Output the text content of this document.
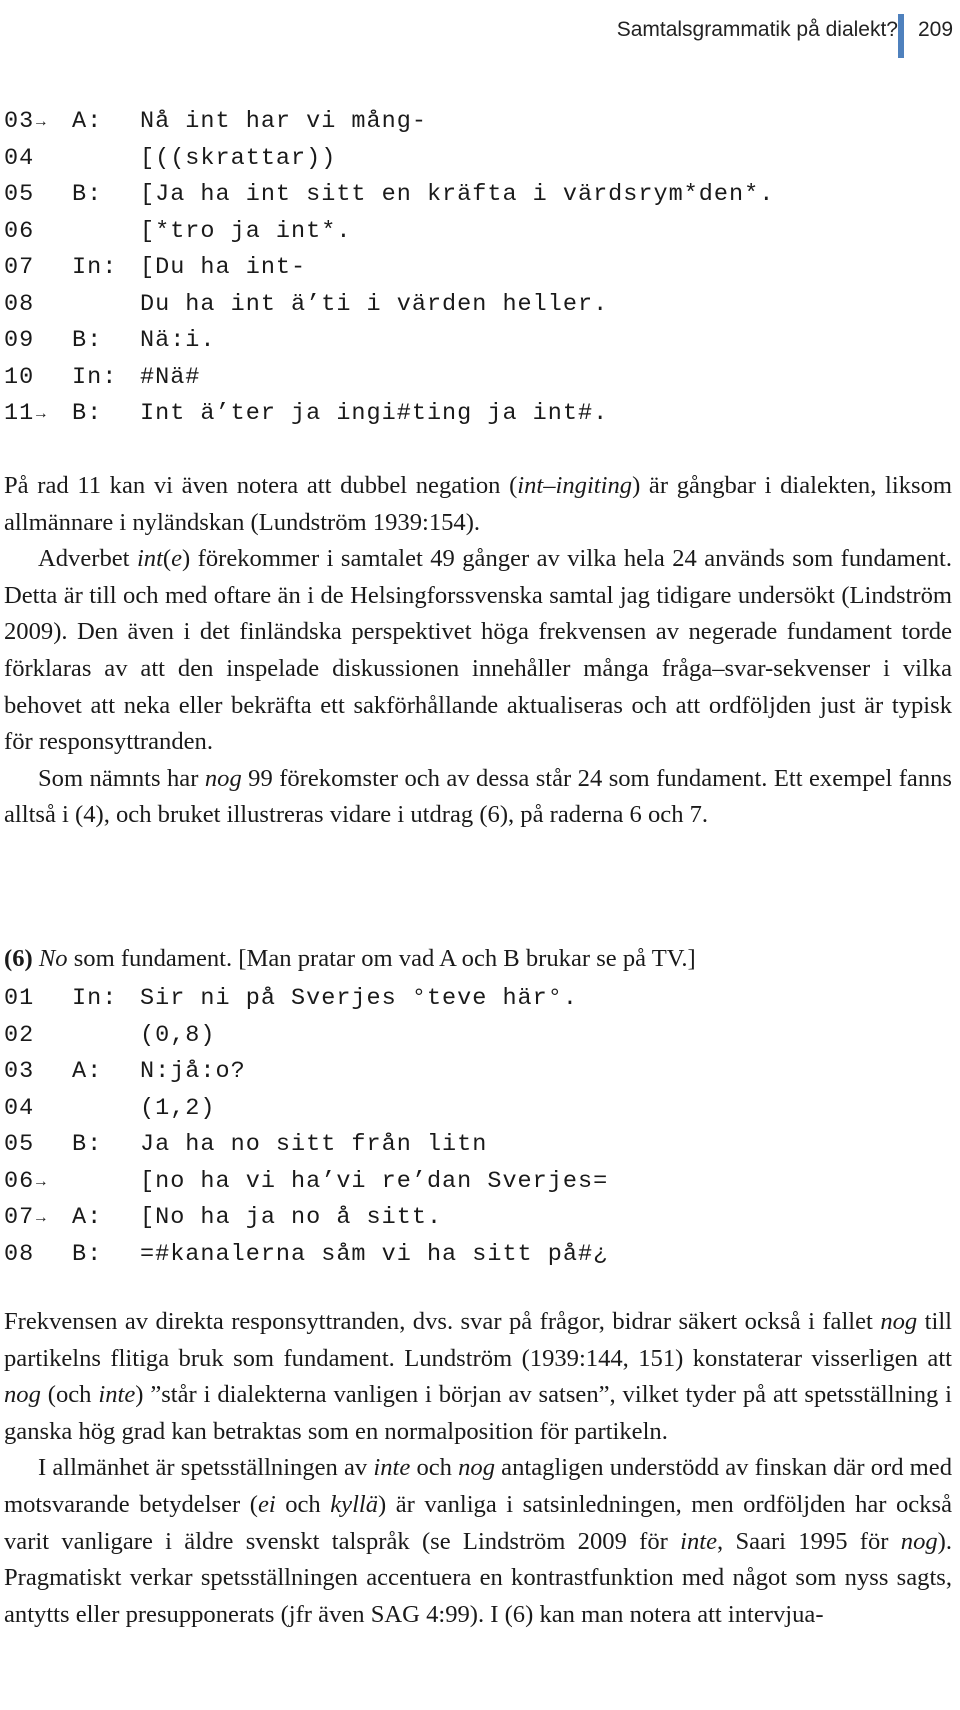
Samtalsgrammatik på dialekt? 209
03 → A: Nå int har vi mång-
04	[((skrattar))
05 B: [Ja ha int sitt en kräfta i värdsrym*den*.
06	[*tro ja int*.
07 In: [Du ha int-
08	Du ha int ä’ti i värden heller.
09 B: Nä:i.
10 In: #Nä#
11 → B: Int ä’ter ja ingi#ting ja int#.

På rad 11 kan vi även notera att dubbel negation (int–ingiting) är gångbar i dialekten, liksom allmännare i nyländskan (Lundström 1939:154).

Adverbet int(e) förekommer i samtalet 49 gånger av vilka hela 24 används som fundament. Detta är till och med oftare än i de Helsingforssvenska samtal jag tidigare undersökt (Lindström 2009). Den även i det finländska perspektivet höga frekvensen av negerade fundament torde förklaras av att den inspelade diskussionen innehåller många fråga–svar-sekvenser i vilka behovet att neka eller bekräfta ett sakförhållande aktualiseras och att ordföljden just är typisk för responsyttranden.

Som nämnts har nog 99 förekomster och av dessa står 24 som fundament. Ett exempel fanns alltså i (4), och bruket illustreras vidare i utdrag (6), på raderna 6 och 7.

(6) No som fundament. [Man pratar om vad A och B brukar se på TV.]
01 In: Sir ni på Sverjes °teve här°.
02	(0,8)
03 A: N:jå:o?
04	(1,2)
05 B: Ja ha no sitt från litn
06 →	[no ha vi ha’vi re’dan Sverjes=
07 → A: [No ha ja no å sitt.
08 B: =#kanalerna såm vi ha sitt på#¿

Frekvensen av direkta responsyttranden, dvs. svar på frågor, bidrar säkert också i fallet nog till partikelns flitiga bruk som fundament. Lundström (1939:144, 151) konstaterar visserligen att nog (och inte) ”står i dialekterna vanligen i början av satsen”, vilket tyder på att spetsställning i ganska hög grad kan betraktas som en normalposition för partikeln.

I allmänhet är spetsställningen av inte och nog antagligen understödd av finskan där ord med motsvarande betydelser (ei och kyllä) är vanliga i satsinledningen, men ordföljden har också varit vanligare i äldre svenskt talspråk (se Lindström 2009 för inte, Saari 1995 för nog). Pragmatiskt verkar spetsställningen accentuera en kontrastfunktion med något som nyss sagts, antytts eller presupponerats (jfr även SAG 4:99). I (6) kan man notera att intervjua-
